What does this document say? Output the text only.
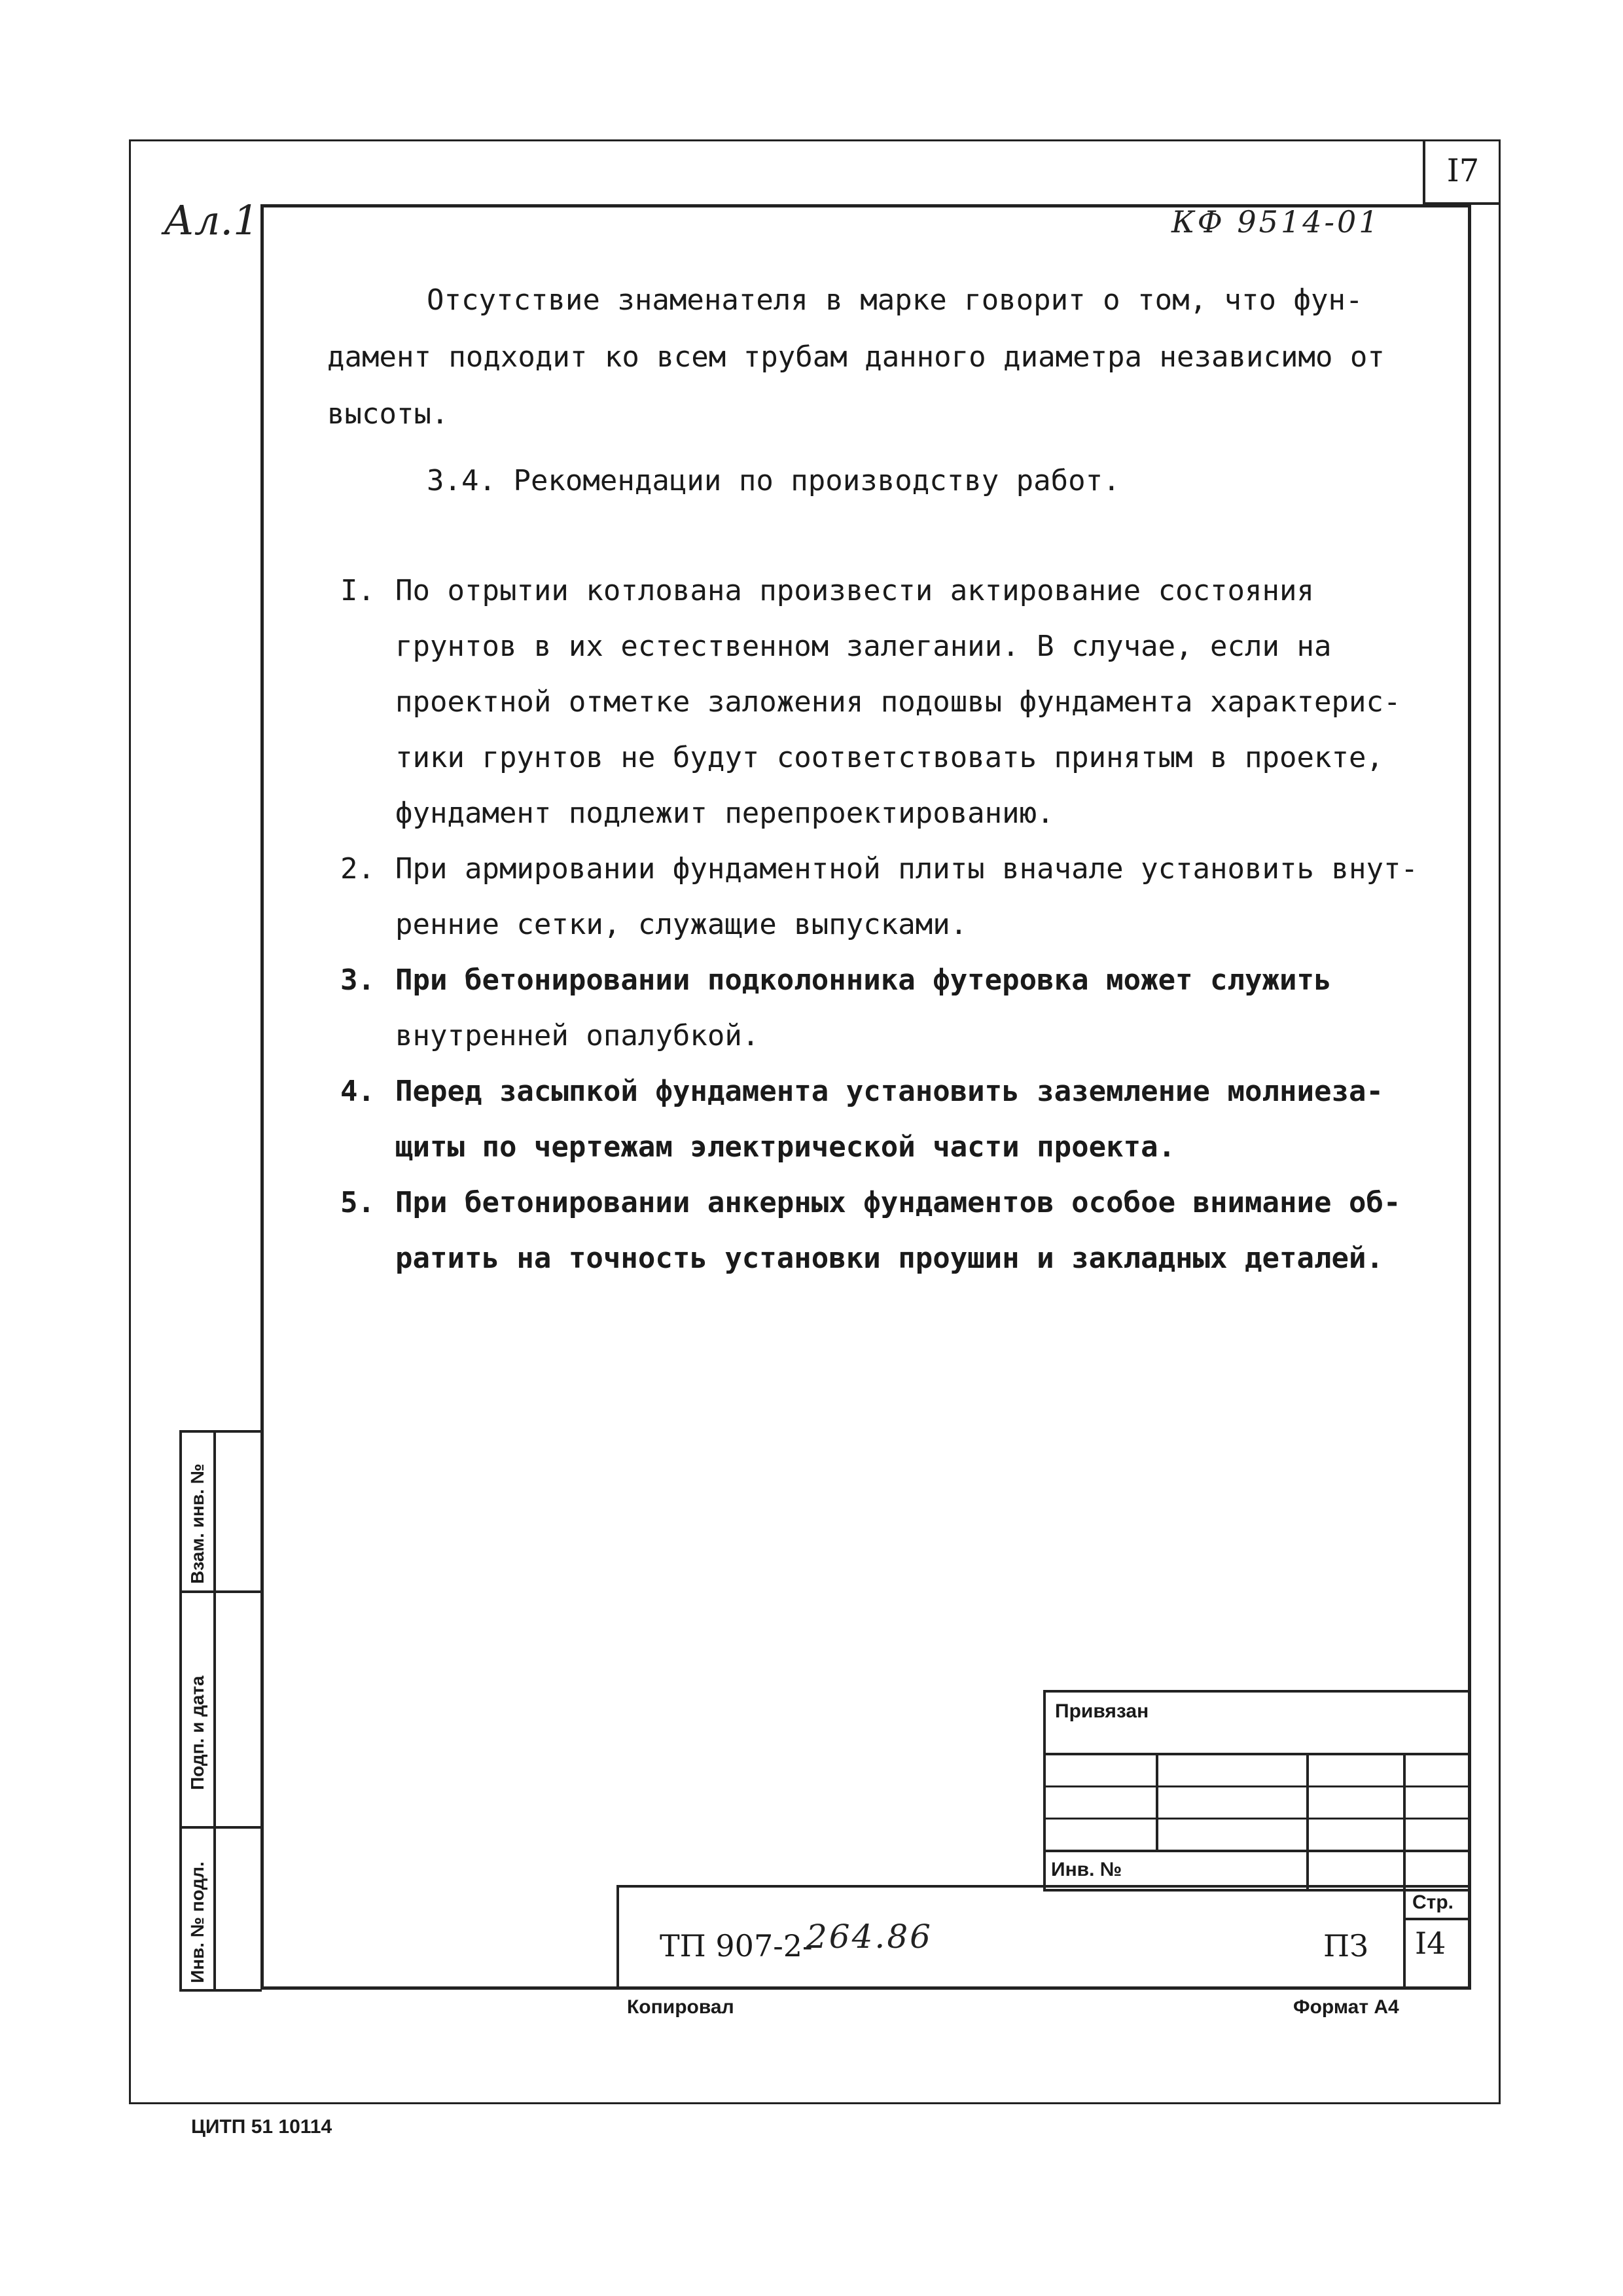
I7
Ал.1	КФ 9514-01
Отсутствие знаменателя в марке говорит о том, что фун-
дамент подходит ко всем трубам данного диаметра независимо от
высоты.
3.4. Рекомендации по производству работ.
I. По отрытии котлована произвести актирование состояния
грунтов в их естественном залегании. В случае, если на
проектной отметке заложения подошвы фундамента характерис-
тики грунтов не будут соответствовать принятым в проекте,
фундамент подлежит перепроектированию.
2. При армировании фундаментной плиты вначале установить внут-
ренние сетки, служащие выпусками.
3. При бетонировании подколонника футеровка может служить
внутренней опалубкой.
4. Перед засыпкой фундамента установить заземление молниеза-
щиты по чертежам электрической части проекта.
5. При бетонировании анкерных фундаментов особое внимание об-
ратить на точность установки проушин и закладных деталей.
Взам. инв. №
Подп. и дата
Инв. № подл.
Привязан
Инв. №
Стр.
I4
ТП 907-2-
264.86	ПЗ
Копировал	Формат А4
ЦИТП 51 10114
